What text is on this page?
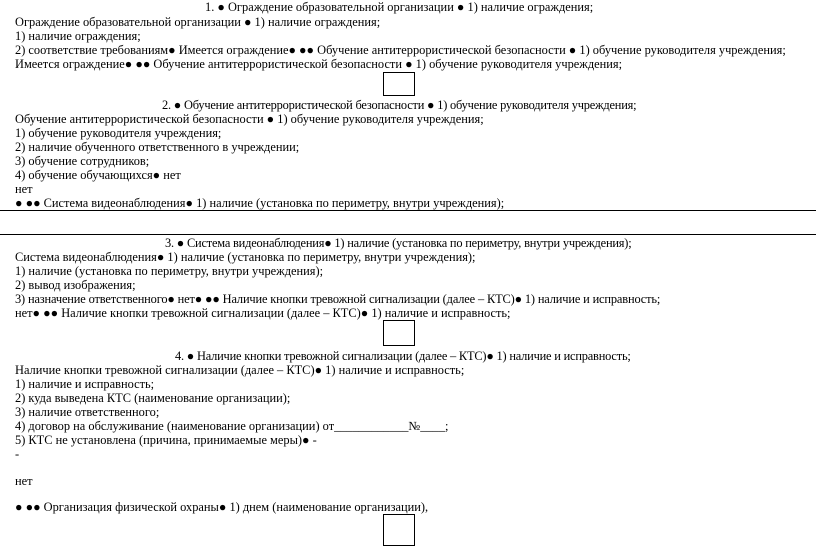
1. ● Ограждение образовательной организации ● 1) наличие ограждения;
Ограждение образовательной организации ● 1) наличие ограждения;
1) наличие ограждения;
2) соответствие требованиям● Имеется ограждение● ●● Обучение антитеррористической безопасности ● 1) обучение руководителя учреждения;
Имеется ограждение● ●● Обучение антитеррористической безопасности ● 1) обучение руководителя учреждения;
2. ● Обучение антитеррористической безопасности ● 1) обучение руководителя учреждения;
Обучение антитеррористической безопасности ● 1) обучение руководителя учреждения;
1) обучение руководителя учреждения;
2) наличие обученного ответственного в учреждении;
3) обучение сотрудников;
4) обучение обучающихся● нет
нет
● ●● Система видеонаблюдения● 1) наличие (установка по периметру, внутри учреждения);
3. ● Система видеонаблюдения● 1) наличие (установка по периметру, внутри учреждения);
Система видеонаблюдения● 1) наличие (установка по периметру, внутри учреждения);
1) наличие (установка по периметру, внутри учреждения);
2) вывод изображения;
3) назначение ответственного● нет● ●● Наличие кнопки тревожной сигнализации (далее – КТС)● 1) наличие и исправность;
нет● ●● Наличие кнопки тревожной сигнализации (далее – КТС)● 1) наличие и исправность;
4. ● Наличие кнопки тревожной сигнализации (далее – КТС)● 1) наличие и исправность;
Наличие кнопки тревожной сигнализации (далее – КТС)● 1) наличие и исправность;
1) наличие и исправность;
2) куда выведена КТС (наименование организации);
3) наличие ответственного;
4) договор на обслуживание (наименование организации) от____________№____;
5) КТС не установлена (причина, принимаемые меры)● -
-
нет
● ●● Организация физической охраны● 1) днем (наименование организации),
